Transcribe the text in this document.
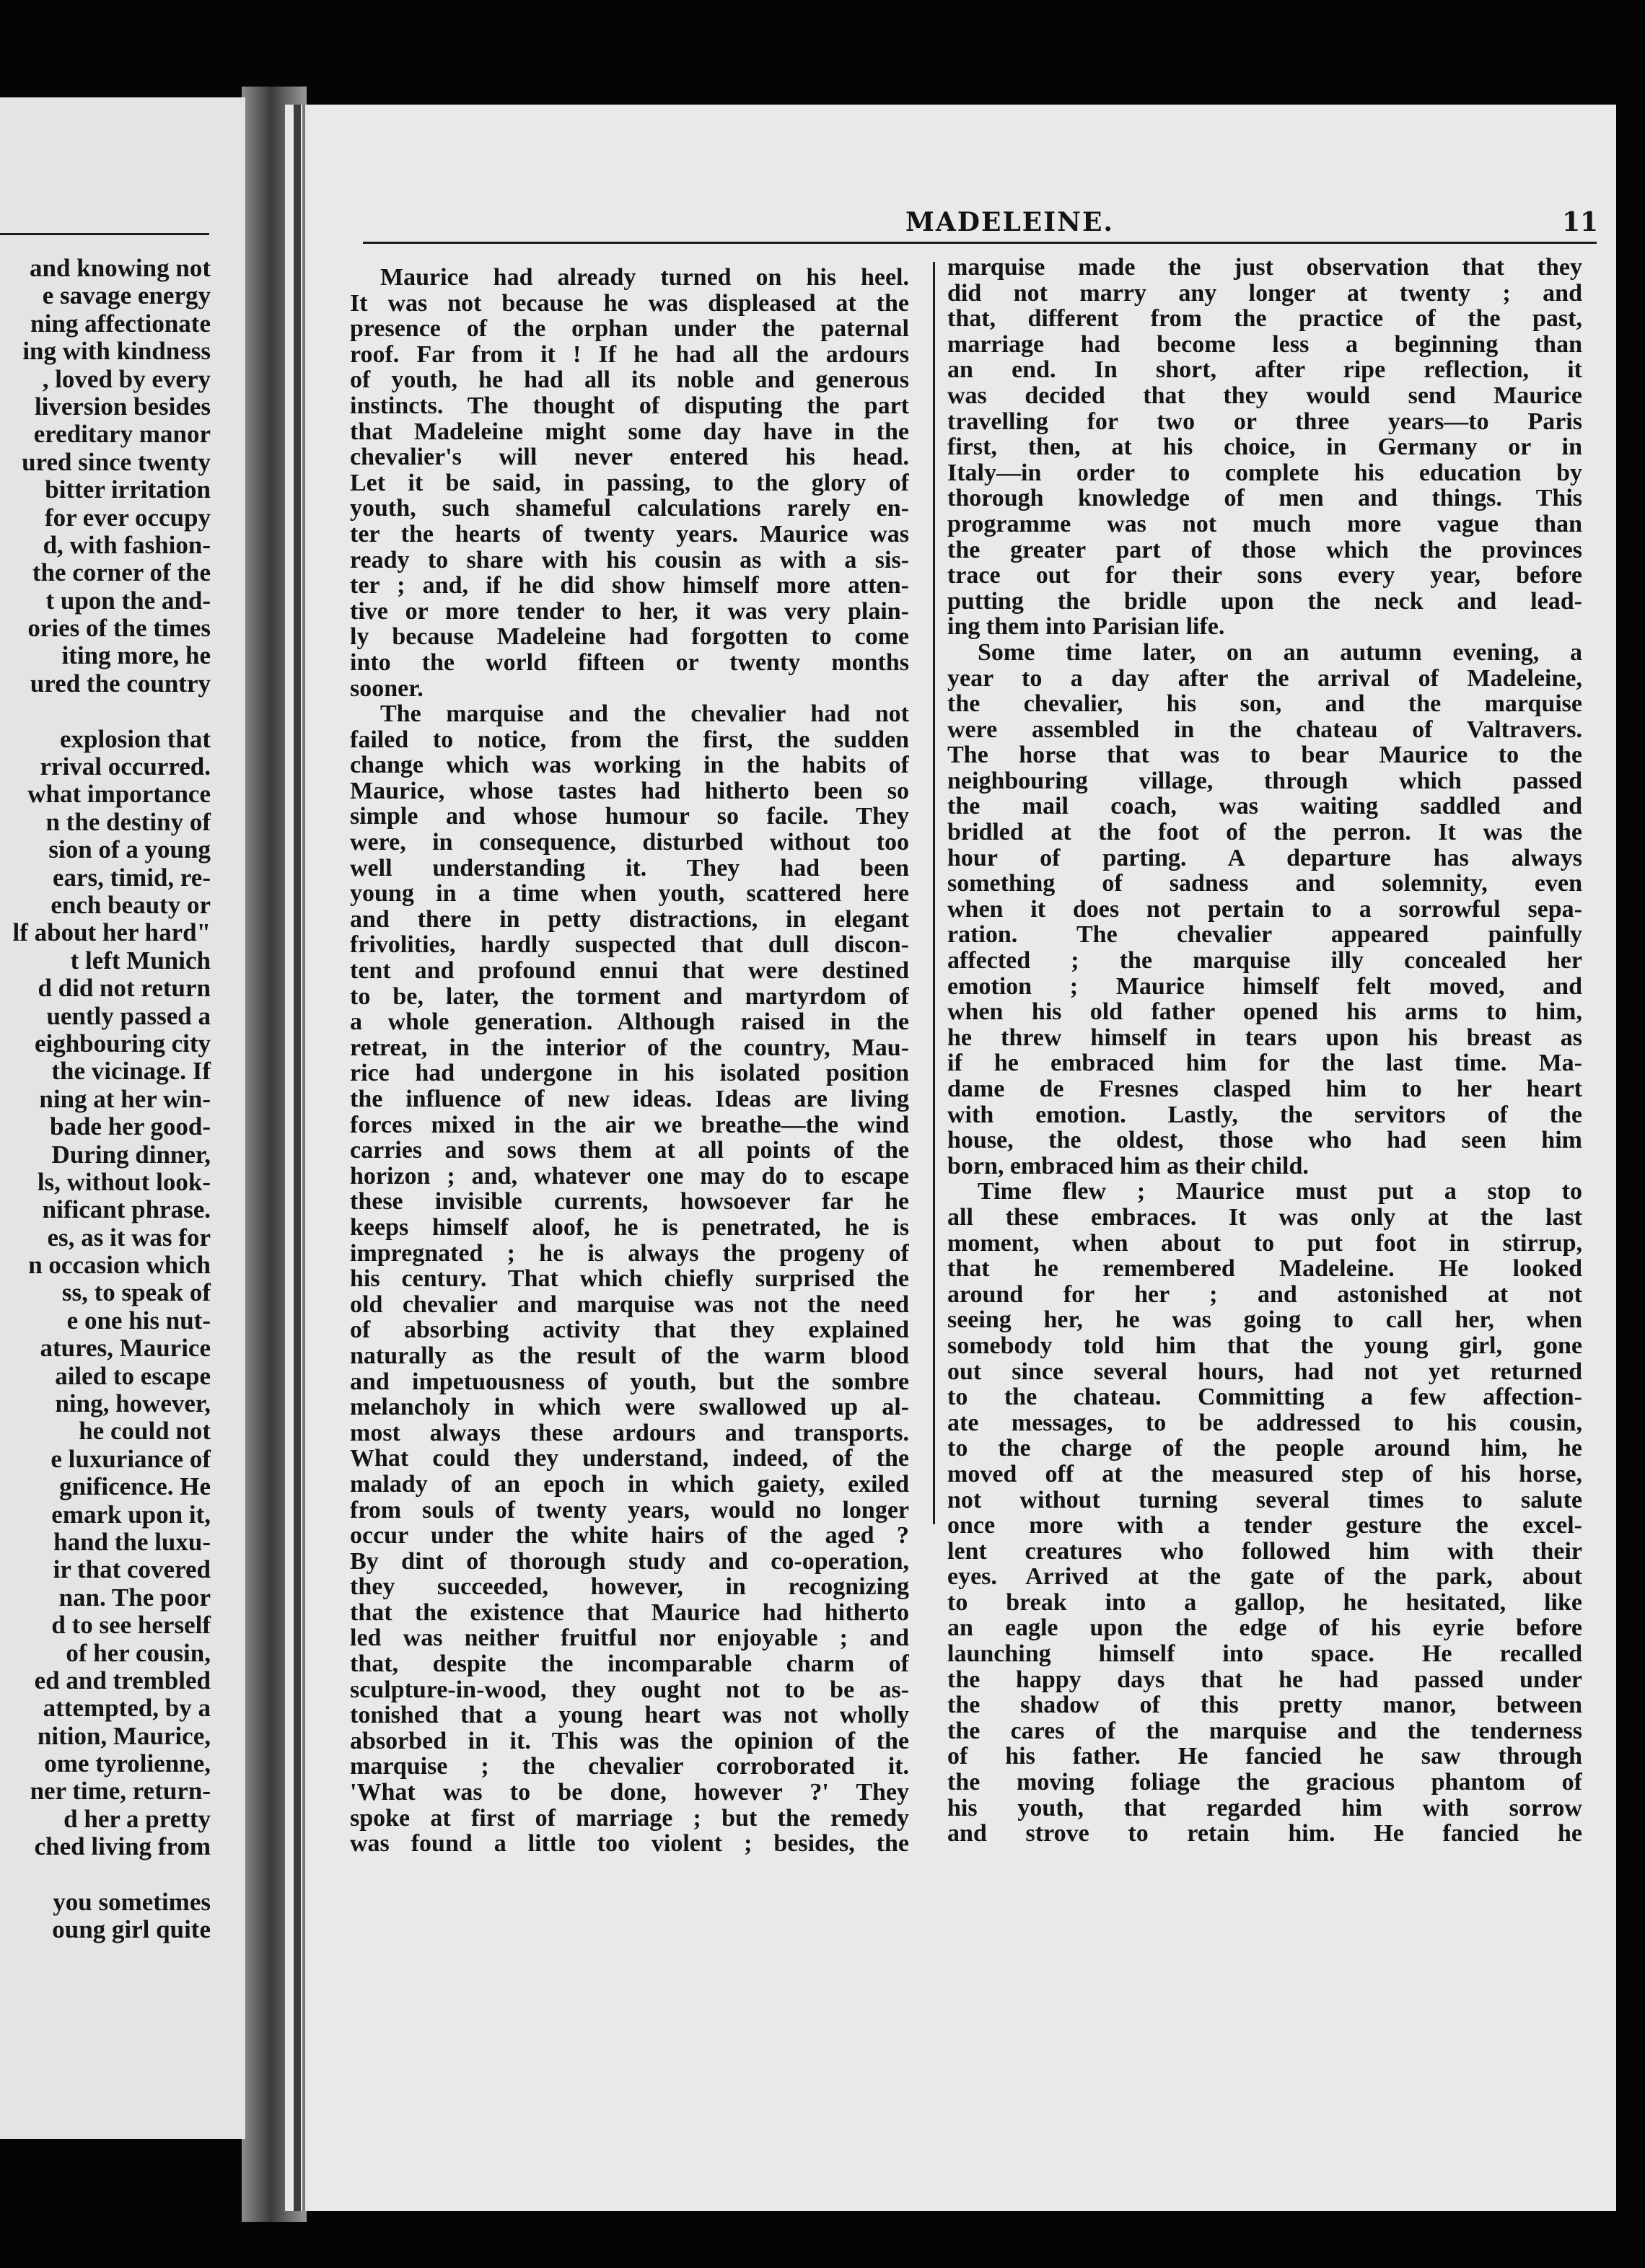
and knowing not
e savage energy
ning affectionate
ing with kindness
, loved by every
liversion besides
ereditary manor
ured since twenty
bitter irritation
for ever occupy
d, with fashion-
the corner of the
t upon the and-
ories of the times
iting more, he
ured the country
explosion that
rrival occurred.
what importance
n the destiny of
sion of a young
ears, timid, re-
ench beauty or
lf about her hard"
t left Munich
d did not return
uently passed a
eighbouring city
the vicinage. If
ning at her win-
bade her good-
During dinner,
ls, without look-
nificant phrase.
es, as it was for
n occasion which
ss, to speak of
e one his nut-
atures, Maurice
ailed to escape
ning, however,
he could not
e luxuriance of
gnificence. He
emark upon it,
hand the luxu-
ir that covered
nan. The poor
d to see herself
of her cousin,
ed and trembled
attempted, by a
nition, Maurice,
ome tyrolienne,
ner time, return-
d her a pretty
ched living from
you sometimes
oung girl quite
MADELEINE.	11
Maurice had already turned on his heel.
It was not because he was displeased at the
presence of the orphan under the paternal
roof. Far from it ! If he had all the ardours
of youth, he had all its noble and generous
instincts. The thought of disputing the part
that Madeleine might some day have in the
chevalier's will never entered his head.
Let it be said, in passing, to the glory of
youth, such shameful calculations rarely en-
ter the hearts of twenty years. Maurice was
ready to share with his cousin as with a sis-
ter ; and, if he did show himself more atten-
tive or more tender to her, it was very plain-
ly because Madeleine had forgotten to come
into the world fifteen or twenty months
sooner.
The marquise and the chevalier had not
failed to notice, from the first, the sudden
change which was working in the habits of
Maurice, whose tastes had hitherto been so
simple and whose humour so facile. They
were, in consequence, disturbed without too
well understanding it. They had been
young in a time when youth, scattered here
and there in petty distractions, in elegant
frivolities, hardly suspected that dull discon-
tent and profound ennui that were destined
to be, later, the torment and martyrdom of
a whole generation. Although raised in the
retreat, in the interior of the country, Mau-
rice had undergone in his isolated position
the influence of new ideas. Ideas are living
forces mixed in the air we breathe—the wind
carries and sows them at all points of the
horizon ; and, whatever one may do to escape
these invisible currents, howsoever far he
keeps himself aloof, he is penetrated, he is
impregnated ; he is always the progeny of
his century. That which chiefly surprised the
old chevalier and marquise was not the need
of absorbing activity that they explained
naturally as the result of the warm blood
and impetuousness of youth, but the sombre
melancholy in which were swallowed up al-
most always these ardours and transports.
What could they understand, indeed, of the
malady of an epoch in which gaiety, exiled
from souls of twenty years, would no longer
occur under the white hairs of the aged ?
By dint of thorough study and co-operation,
they succeeded, however, in recognizing
that the existence that Maurice had hitherto
led was neither fruitful nor enjoyable ; and
that, despite the incomparable charm of
sculpture-in-wood, they ought not to be as-
tonished that a young heart was not wholly
absorbed in it. This was the opinion of the
marquise ; the chevalier corroborated it.
'What was to be done, however ?' They
spoke at first of marriage ; but the remedy
was found a little too violent ; besides, the
marquise made the just observation that they
did not marry any longer at twenty ; and
that, different from the practice of the past,
marriage had become less a beginning than
an end. In short, after ripe reflection, it
was decided that they would send Maurice
travelling for two or three years—to Paris
first, then, at his choice, in Germany or in
Italy—in order to complete his education by
thorough knowledge of men and things. This
programme was not much more vague than
the greater part of those which the provinces
trace out for their sons every year, before
putting the bridle upon the neck and lead-
ing them into Parisian life.
Some time later, on an autumn evening, a
year to a day after the arrival of Madeleine,
the chevalier, his son, and the marquise
were assembled in the chateau of Valtravers.
The horse that was to bear Maurice to the
neighbouring village, through which passed
the mail coach, was waiting saddled and
bridled at the foot of the perron. It was the
hour of parting. A departure has always
something of sadness and solemnity, even
when it does not pertain to a sorrowful sepa-
ration. The chevalier appeared painfully
affected ; the marquise illy concealed her
emotion ; Maurice himself felt moved, and
when his old father opened his arms to him,
he threw himself in tears upon his breast as
if he embraced him for the last time. Ma-
dame de Fresnes clasped him to her heart
with emotion. Lastly, the servitors of the
house, the oldest, those who had seen him
born, embraced him as their child.
Time flew ; Maurice must put a stop to
all these embraces. It was only at the last
moment, when about to put foot in stirrup,
that he remembered Madeleine. He looked
around for her ; and astonished at not
seeing her, he was going to call her, when
somebody told him that the young girl, gone
out since several hours, had not yet returned
to the chateau. Committing a few affection-
ate messages, to be addressed to his cousin,
to the charge of the people around him, he
moved off at the measured step of his horse,
not without turning several times to salute
once more with a tender gesture the excel-
lent creatures who followed him with their
eyes. Arrived at the gate of the park, about
to break into a gallop, he hesitated, like
an eagle upon the edge of his eyrie before
launching himself into space. He recalled
the happy days that he had passed under
the shadow of this pretty manor, between
the cares of the marquise and the tenderness
of his father. He fancied he saw through
the moving foliage the gracious phantom of
his youth, that regarded him with sorrow
and strove to retain him. He fancied he
